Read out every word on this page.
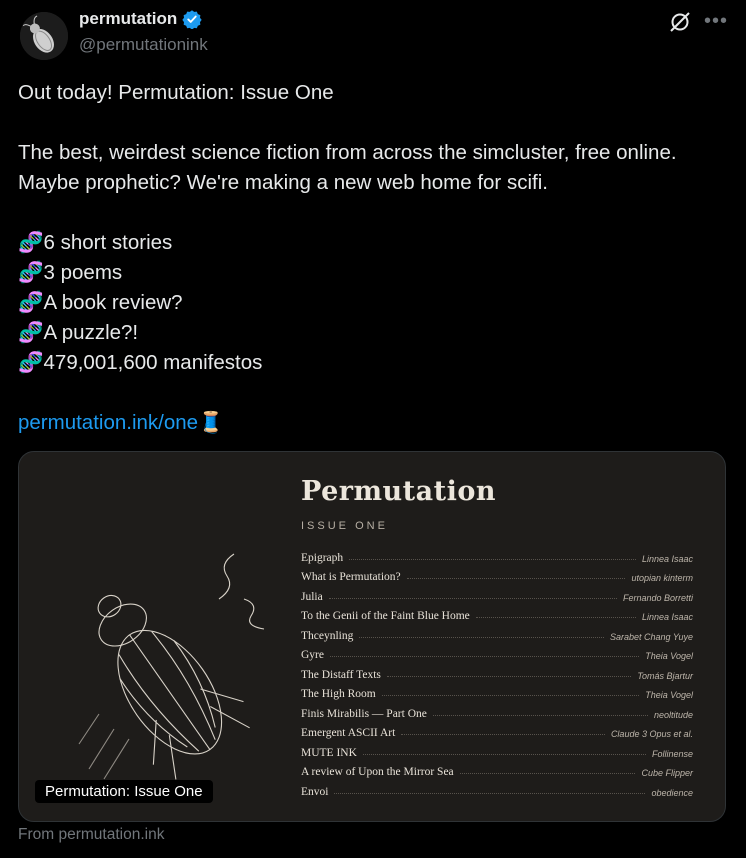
permutation
@permutationink
•••

Out today! Permutation: Issue One

The best, weirdest science fiction from across the simcluster, free online.

Maybe prophetic? We're making a new web home for scifi.

🧬6 short stories

🧬3 poems

🧬A book review?

🧬A puzzle?!

🧬479,001,600 manifestos

permutation.ink/one🧵

Permutation
ISSUE ONE
Epigraph	Linnea Isaac
What is Permutation?	utopian kinterm
Julia	Fernando Borretti
To the Genii of the Faint Blue Home	Linnea Isaac
Thceynling	Sarabet Chang Yuye
Gyre	Theia Vogel
The Distaff Texts	Tomás Bjartur
The High Room	Theia Vogel
Finis Mirabilis — Part One	neoltitude
Emergent ASCII Art	Claude 3 Opus et al.
MUTE INK	Follinense
A review of Upon the Mirror Sea	Cube Flipper
Envoi	obedience
Permutation: Issue One
From permutation.ink
